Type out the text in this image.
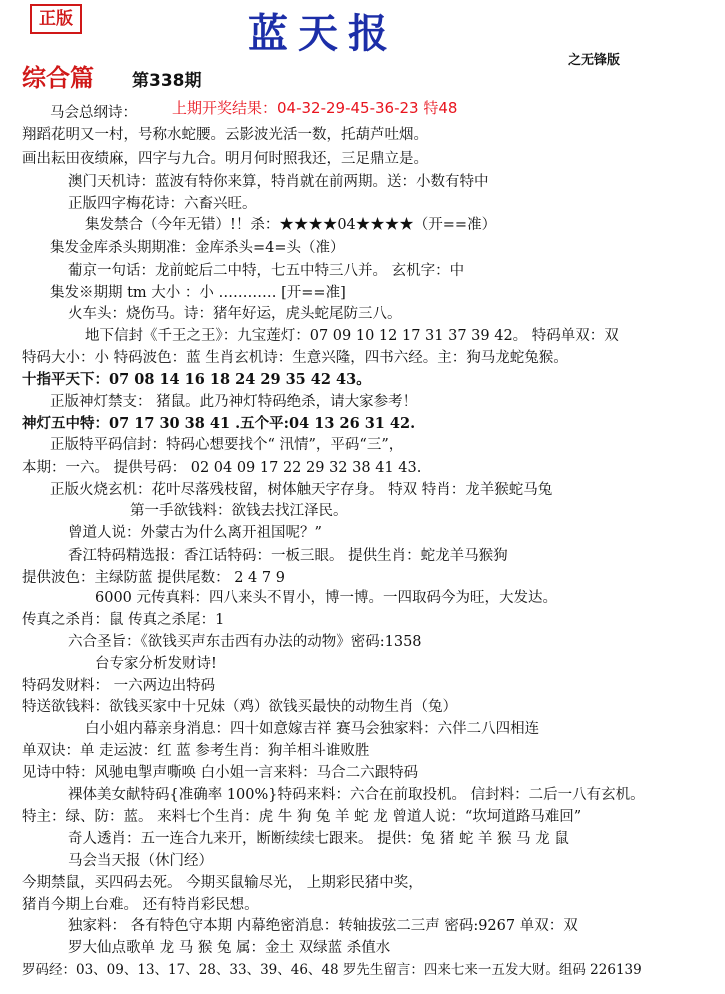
正版	蓝天报
之无锋版
综合篇 第338期
上期开奖结果：04-32-29-45-36-23 特48
马会总纲诗：
翔蹈花明又一村，号称水蛇腰。云影波光活一数，托葫芦吐烟。
画出耘田夜绩麻，四字与九合。明月何时照我还，三足鼎立是。
澳门天机诗：蓝波有特你来算，特肖就在前两期。送：小数有特中
正版四字梅花诗：六畜兴旺。
集发禁合（今年无错）!！杀：★★★★04★★★★（开==准）
集发金库杀头期期准：金库杀头=4=头（准）
葡京一句话：龙前蛇后二中特，七五中特三八并。 玄机字：中
集发※期期 tm 大小 ：小 ………… [开==准]
火车头：烧伤马。诗：猪年好运，虎头蛇尾防三八。
地下信封《千王之王》：九宝莲灯：07 09 10 12 17 31 37 39 42。 特码单双：双
特码大小：小 特码波色：蓝 生肖玄机诗：生意兴隆，四书六经。主：狗马龙蛇兔猴。
十指平天下：07 08 14 16 18 24 29 35 42 43。
正版神灯禁支： 猪鼠。此乃神灯特码绝杀，请大家参考！
神灯五中特：07 17 30 38 41 .五个平:04 13 26 31 42.
正版特平码信封：特码心想要找个“ 汛情”，平码“三”，
本期：一六。 提供号码： 02 04 09 17 22 29 32 38 41 43.
正版火烧玄机：花叶尽落残枝留，树体触天字存身。 特双 特肖：龙羊猴蛇马兔
第一手欲钱料：欲钱去找江泽民。
曾道人说：外蒙古为什么离开祖国呢？”
香江特码精选报：香江话特码：一板三眼。 提供生肖：蛇龙羊马猴狗
提供波色：主绿防蓝 提供尾数： 2 4 7 9
6000 元传真料：四八来头不胃小，博一博。一四取码今为旺，大发达。
传真之杀肖：鼠 传真之杀尾：1
六合圣旨：《欲钱买声东击西有办法的动物》密码:1358
台专家分析发财诗!
特码发财料： 一六两边出特码
特送欲钱料：欲钱买家中十兄妹（鸡）欲钱买最快的动物生肖（兔）
白小姐内幕亲身消息：四十如意嫁吉祥 赛马会独家料：六伴二八四相连
单双诀：单 走运波：红 蓝 参考生肖：狗羊相斗谁败胜
见诗中特：风驰电掣声嘶唤 白小姐一言来料：马合二六跟特码
裸体美女献特码{准确率 100%}特码来料：六合在前取投机。 信封料：二后一八有玄机。
特主：绿、防：蓝。 来料七个生肖：虎 牛 狗 兔 羊 蛇 龙 曾道人说：“坎坷道路马难回”
奇人透肖：五一连合九来开，断断续续七跟来。 提供：兔 猪 蛇 羊 猴 马 龙 鼠
马会当天报（休门经）
今期禁鼠，买四码去死。 今期买鼠输尽光， 上期彩民猪中奖，
猪肖今期上台难。 还有特肖彩民想。
独家料： 各有特色守本期 内幕绝密消息：转轴拔弦二三声 密码:9267 单双：双
罗大仙点歌单 龙 马 猴 兔 属：金土 双绿蓝 杀值水
罗码经：03、09、13、17、28、33、39、46、48 罗先生留言：四来七来一五发大财。组码 226139
